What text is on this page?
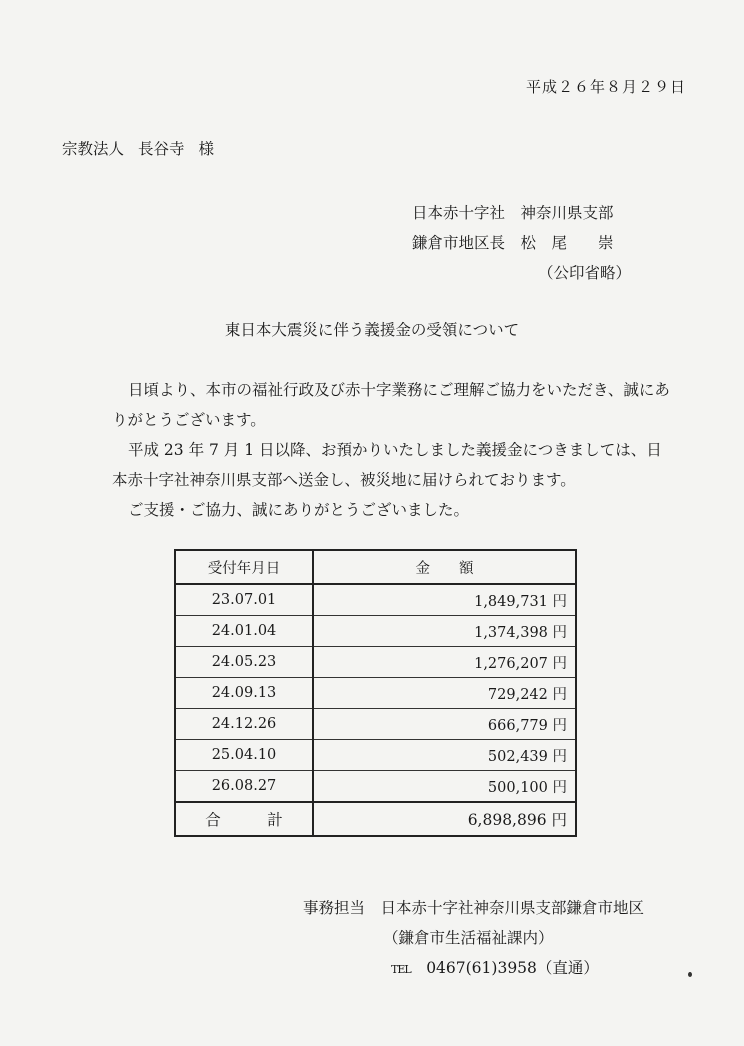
平成２６年８月２９日
宗教法人 長谷寺 様
日本赤十字社　神奈川県支部
鎌倉市地区長　松　尾　　崇
（公印省略）
東日本大震災に伴う義援金の受領について

日頃より、本市の福祉行政及び赤十字業務にご理解ご協力をいただき、誠にありがとうございます。

平成 23 年 7 月 1 日以降、お預かりいたしました義援金につきましては、日本赤十字社神奈川県支部へ送金し、被災地に届けられております。

ご支援・ご協力、誠にありがとうございました。

受付年月日	金　　額
23.07.01	1,849,731 円
24.01.04	1,374,398 円
24.05.23	1,276,207 円
24.09.13	729,242 円
24.12.26	666,779 円
25.04.10	502,439 円
26.08.27	500,100 円
合　　　計	6,898,896 円
事務担当　 日本赤十字社神奈川県支部鎌倉市地区
（鎌倉市生活福祉課内）
TEL　 0467(61)3958（直通）
